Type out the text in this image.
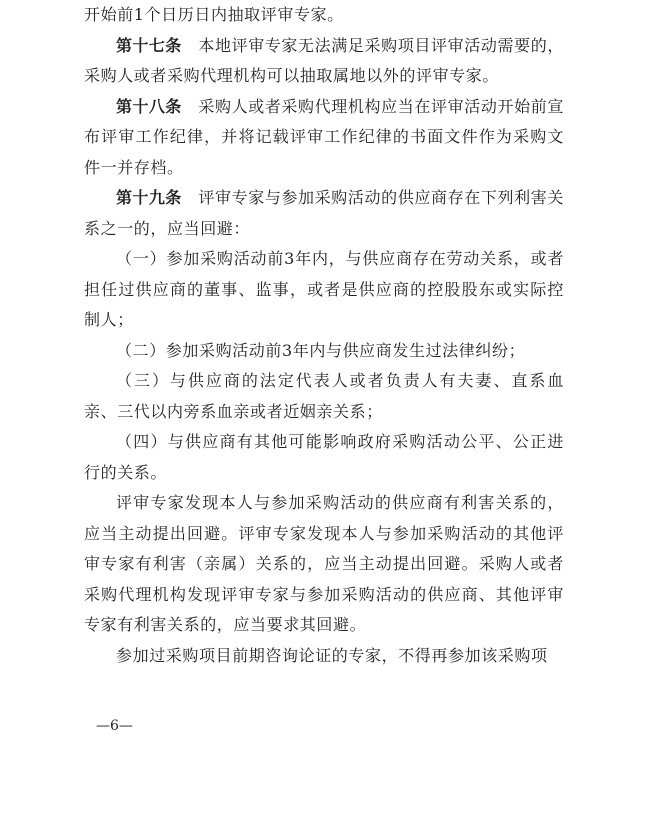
开始前1个日历日内抽取评审专家。

第十七条　本地评审专家无法满足采购项目评审活动需要的，采购人或者采购代理机构可以抽取属地以外的评审专家。

第十八条　采购人或者采购代理机构应当在评审活动开始前宣布评审工作纪律，并将记载评审工作纪律的书面文件作为采购文件一并存档。

第十九条　评审专家与参加采购活动的供应商存在下列利害关系之一的，应当回避：

（一）参加采购活动前3年内，与供应商存在劳动关系，或者担任过供应商的董事、监事，或者是供应商的控股股东或实际控制人；

（二）参加采购活动前3年内与供应商发生过法律纠纷；

（三）与供应商的法定代表人或者负责人有夫妻、直系血亲、三代以内旁系血亲或者近姻亲关系；

（四）与供应商有其他可能影响政府采购活动公平、公正进行的关系。

评审专家发现本人与参加采购活动的供应商有利害关系的，应当主动提出回避。评审专家发现本人与参加采购活动的其他评审专家有利害（亲属）关系的，应当主动提出回避。采购人或者采购代理机构发现评审专家与参加采购活动的供应商、其他评审专家有利害关系的，应当要求其回避。

参加过采购项目前期咨询论证的专家，不得再参加该采购项

—6—
